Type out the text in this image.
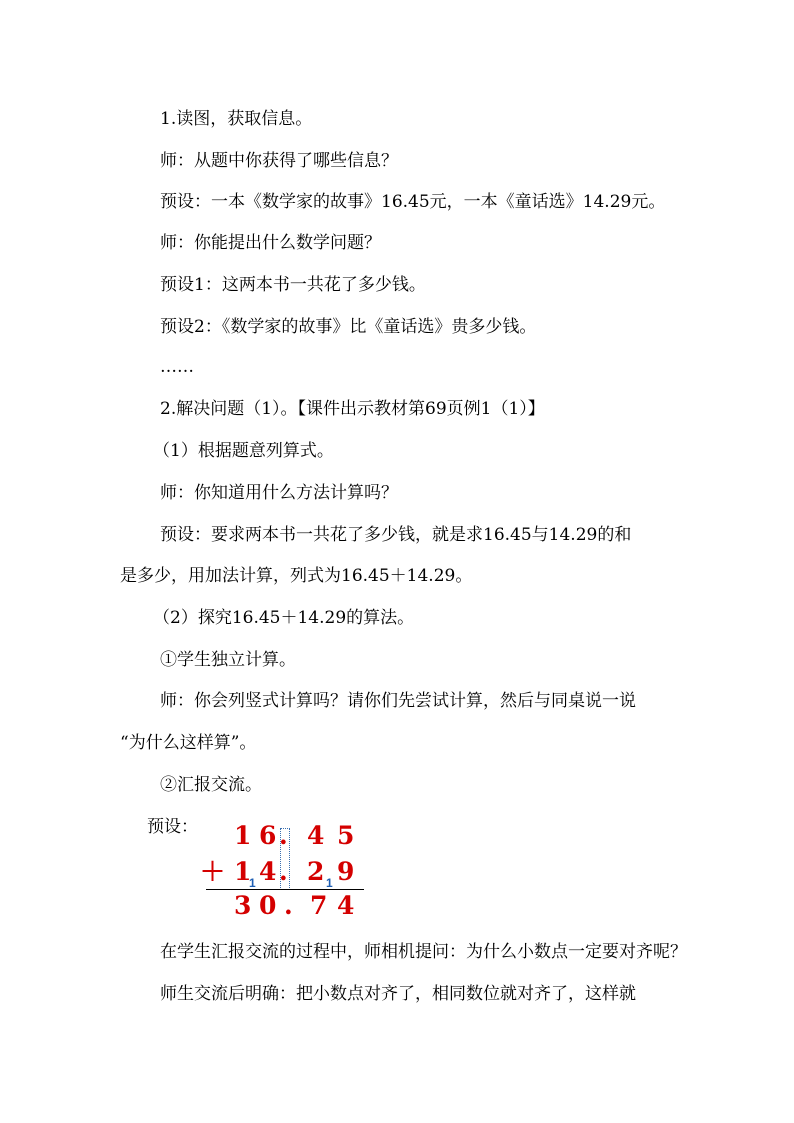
1.读图，获取信息。
师：从题中你获得了哪些信息？
预设：一本《数学家的故事》16.45元，一本《童话选》14.29元。
师：你能提出什么数学问题？
预设1：这两本书一共花了多少钱。
预设2：《数学家的故事》比《童话选》贵多少钱。
……
2.解决问题（1）。【课件出示教材第69页例1（1）】
（1）根据题意列算式。
师：你知道用什么方法计算吗？
预设：要求两本书一共花了多少钱，就是求16.45与14.29的和
是多少，用加法计算，列式为16.45＋14.29。
（2）探究16.45＋14.29的算法。
①学生独立计算。
师：你会列竖式计算吗？请你们先尝试计算，然后与同桌说一说
“为什么这样算”。
②汇报交流。
预设： 1 6 . 4 5
＋ 1
1 4 . 2 1 9
3 0 . 7 4
在学生汇报交流的过程中，师相机提问：为什么小数点一定要对齐呢？
师生交流后明确：把小数点对齐了，相同数位就对齐了，这样就
